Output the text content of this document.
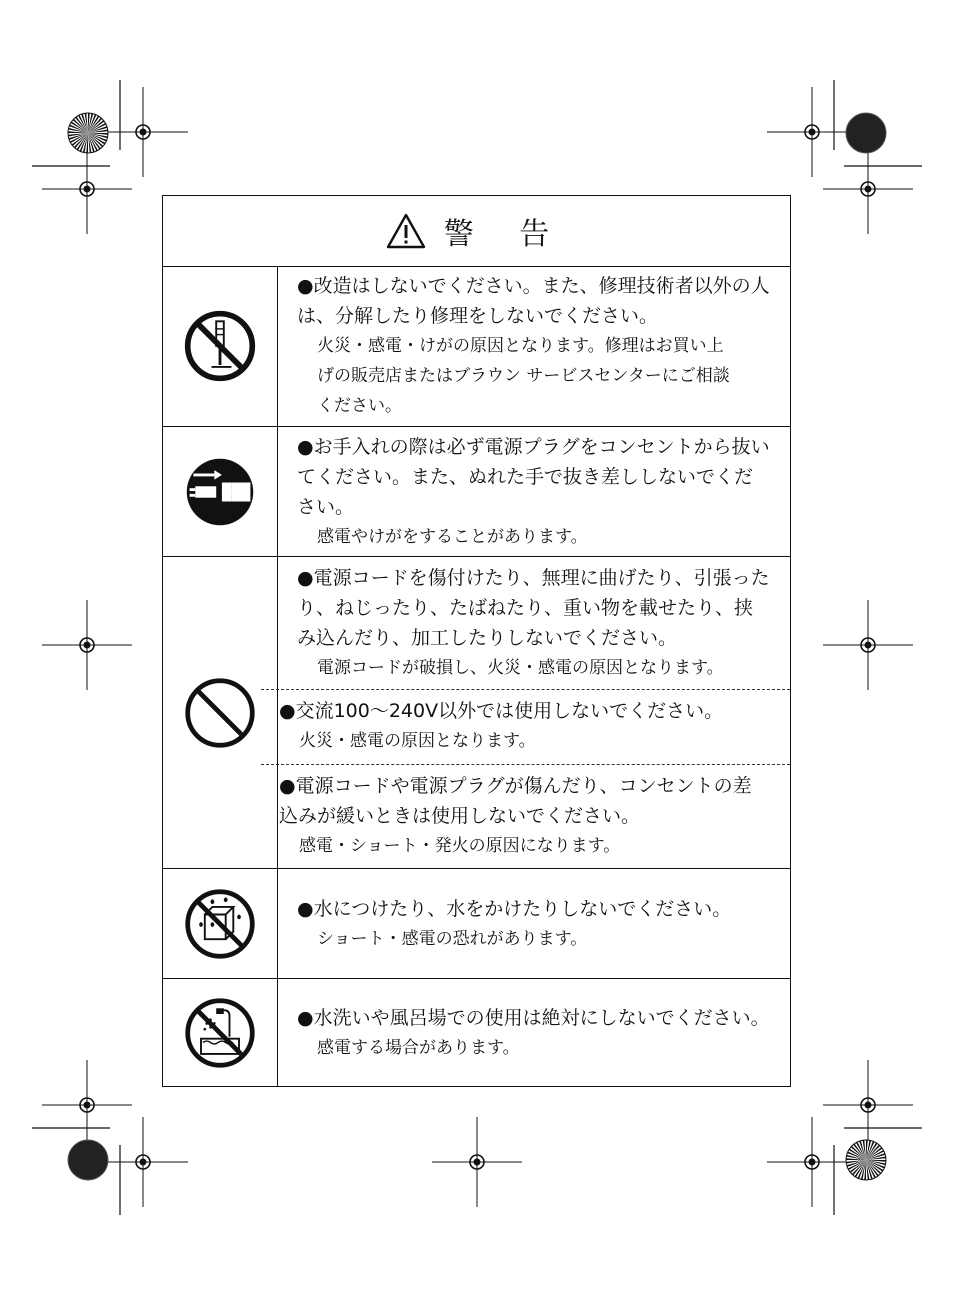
警 告
●改造はしないでください。また、修理技術者以外の人
は、分解したり修理をしないでください。
火災・感電・けがの原因となります。修理はお買い上
げの販売店またはブラウン サービスセンターにご相談
ください。
●お手入れの際は必ず電源プラグをコンセントから抜い
てください。また、ぬれた手で抜き差ししないでくだ
さい。
感電やけがをすることがあります。
●電源コードを傷付けたり、無理に曲げたり、引張った
り、ねじったり、たばねたり、重い物を載せたり、挟
み込んだり、加工したりしないでください。
電源コードが破損し、火災・感電の原因となります。
●交流100〜240V以外では使用しないでください。
火災・感電の原因となります。
●電源コードや電源プラグが傷んだり、コンセントの差
込みが緩いときは使用しないでください。
感電・ショート・発火の原因になります。
●水につけたり、水をかけたりしないでください。
ショート・感電の恐れがあります。
●水洗いや風呂場での使用は絶対にしないでください。
感電する場合があります。
